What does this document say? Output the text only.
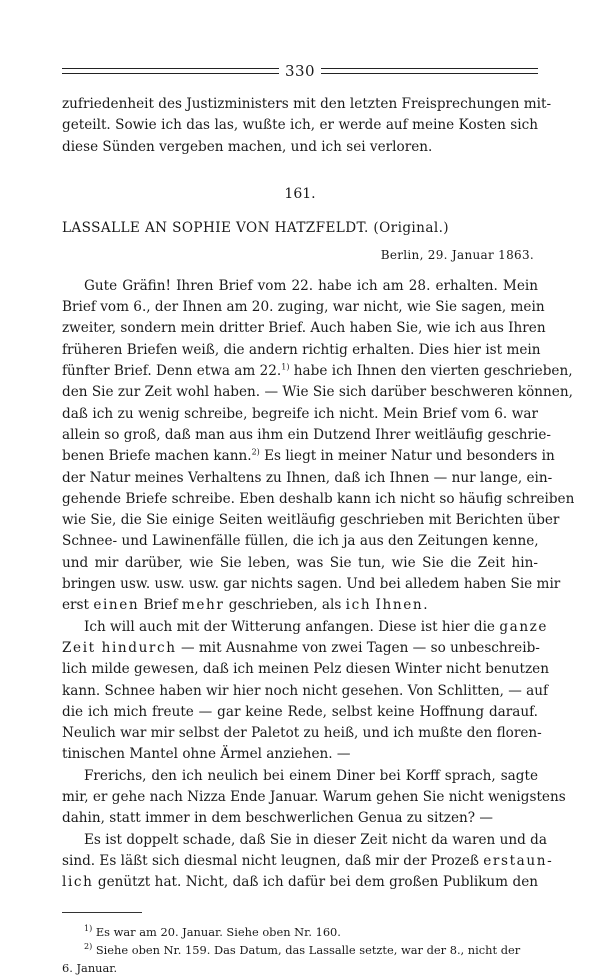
330
zufriedenheit des Justizministers mit den letzten Freisprechungen mit-
geteilt. Sowie ich das las, wußte ich, er werde auf meine Kosten sich
diese Sünden vergeben machen, und ich sei verloren.
161.
LASSALLE AN SOPHIE VON HATZFELDT. (Original.)
Berlin, 29. Januar 1863.
Gute Gräfin! Ihren Brief vom 22. habe ich am 28. erhalten. Mein
Brief vom 6., der Ihnen am 20. zuging, war nicht, wie Sie sagen, mein
zweiter, sondern mein dritter Brief. Auch haben Sie, wie ich aus Ihren
früheren Briefen weiß, die andern richtig erhalten. Dies hier ist mein
fünfter Brief. Denn etwa am 22.$^{1)}$ habe ich Ihnen den vierten geschrieben,
den Sie zur Zeit wohl haben. — Wie Sie sich darüber beschweren können,
daß ich zu wenig schreibe, begreife ich nicht. Mein Brief vom 6. war
allein so groß, daß man aus ihm ein Dutzend Ihrer weitläufig geschrie-
benen Briefe machen kann.$^{2)}$ Es liegt in meiner Natur und besonders in
der Natur meines Verhaltens zu Ihnen, daß ich Ihnen — nur lange, ein-
gehende Briefe schreibe. Eben deshalb kann ich nicht so häufig schreiben
wie Sie, die Sie einige Seiten weitläufig geschrieben mit Berichten über
Schnee- und Lawinenfälle füllen, die ich ja aus den Zeitungen kenne,
und mir darüber, wie Sie leben, was Sie tun, wie Sie die Zeit hin-
bringen usw. usw. usw. gar nichts sagen. Und bei alledem haben Sie mir
erst einen Brief mehr geschrieben, als ich Ihnen.
Ich will auch mit der Witterung anfangen. Diese ist hier die ganze
Zeit hindurch — mit Ausnahme von zwei Tagen — so unbeschreib-
lich milde gewesen, daß ich meinen Pelz diesen Winter nicht benutzen
kann. Schnee haben wir hier noch nicht gesehen. Von Schlitten, — auf
die ich mich freute — gar keine Rede, selbst keine Hoffnung darauf.
Neulich war mir selbst der Paletot zu heiß, und ich mußte den floren-
tinischen Mantel ohne Ärmel anziehen. —
Frerichs, den ich neulich bei einem Diner bei Korff sprach, sagte
mir, er gehe nach Nizza Ende Januar. Warum gehen Sie nicht wenigstens
dahin, statt immer in dem beschwerlichen Genua zu sitzen? —
Es ist doppelt schade, daß Sie in dieser Zeit nicht da waren und da
sind. Es läßt sich diesmal nicht leugnen, daß mir der Prozeß erstaun-
lich genützt hat. Nicht, daß ich dafür bei dem großen Publikum den
$^{1)}$ Es war am 20. Januar. Siehe oben Nr. 160.
$^{2)}$ Siehe oben Nr. 159. Das Datum, das Lassalle setzte, war der 8., nicht der
6. Januar.
